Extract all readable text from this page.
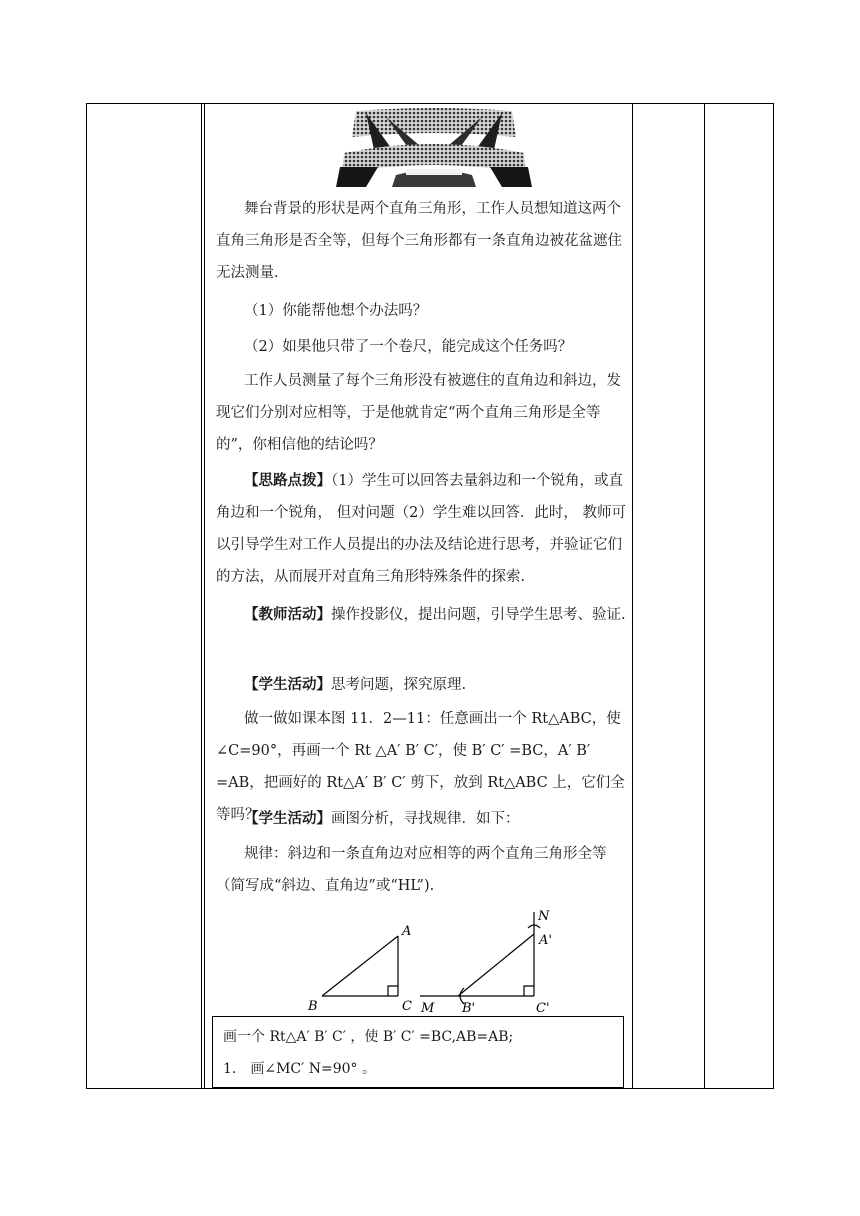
舞台背景的形状是两个直角三角形，工作人员想知道这两个直角三角形是否全等，但每个三角形都有一条直角边被花盆遮住无法测量.

（1）你能帮他想个办法吗？

（2）如果他只带了一个卷尺，能完成这个任务吗？

工作人员测量了每个三角形没有被遮住的直角边和斜边，发现它们分别对应相等，于是他就肯定“两个直角三角形是全等的”，你相信他的结论吗？

【思路点拨】（1）学生可以回答去量斜边和一个锐角，或直角边和一个锐角， 但对问题（2）学生难以回答．此时， 教师可以引导学生对工作人员提出的办法及结论进行思考，并验证它们的方法，从而展开对直角三角形特殊条件的探索.

【教师活动】操作投影仪，提出问题，引导学生思考、验证.

【学生活动】思考问题，探究原理.

做一做如课本图 11．2—11：任意画出一个 Rt△ABC，使∠C=90°，再画一个 Rt △A′ B′ C′，使 B′ C′ =BC，A′ B′ =AB，把画好的 Rt△A′ B′ C′ 剪下，放到 Rt△ABC 上，它们全等吗？

【学生活动】画图分析，寻找规律．如下：

规律：斜边和一条直角边对应相等的两个直角三角形全等（简写成“斜边、直角边”或“HL”).

A
B	C
N
A'
B'	C'
M
画一个 Rt△A′ B′ C′ ，使 B′ C′ =BC,AB=AB;
1． 画∠MC′ N=90° 。
